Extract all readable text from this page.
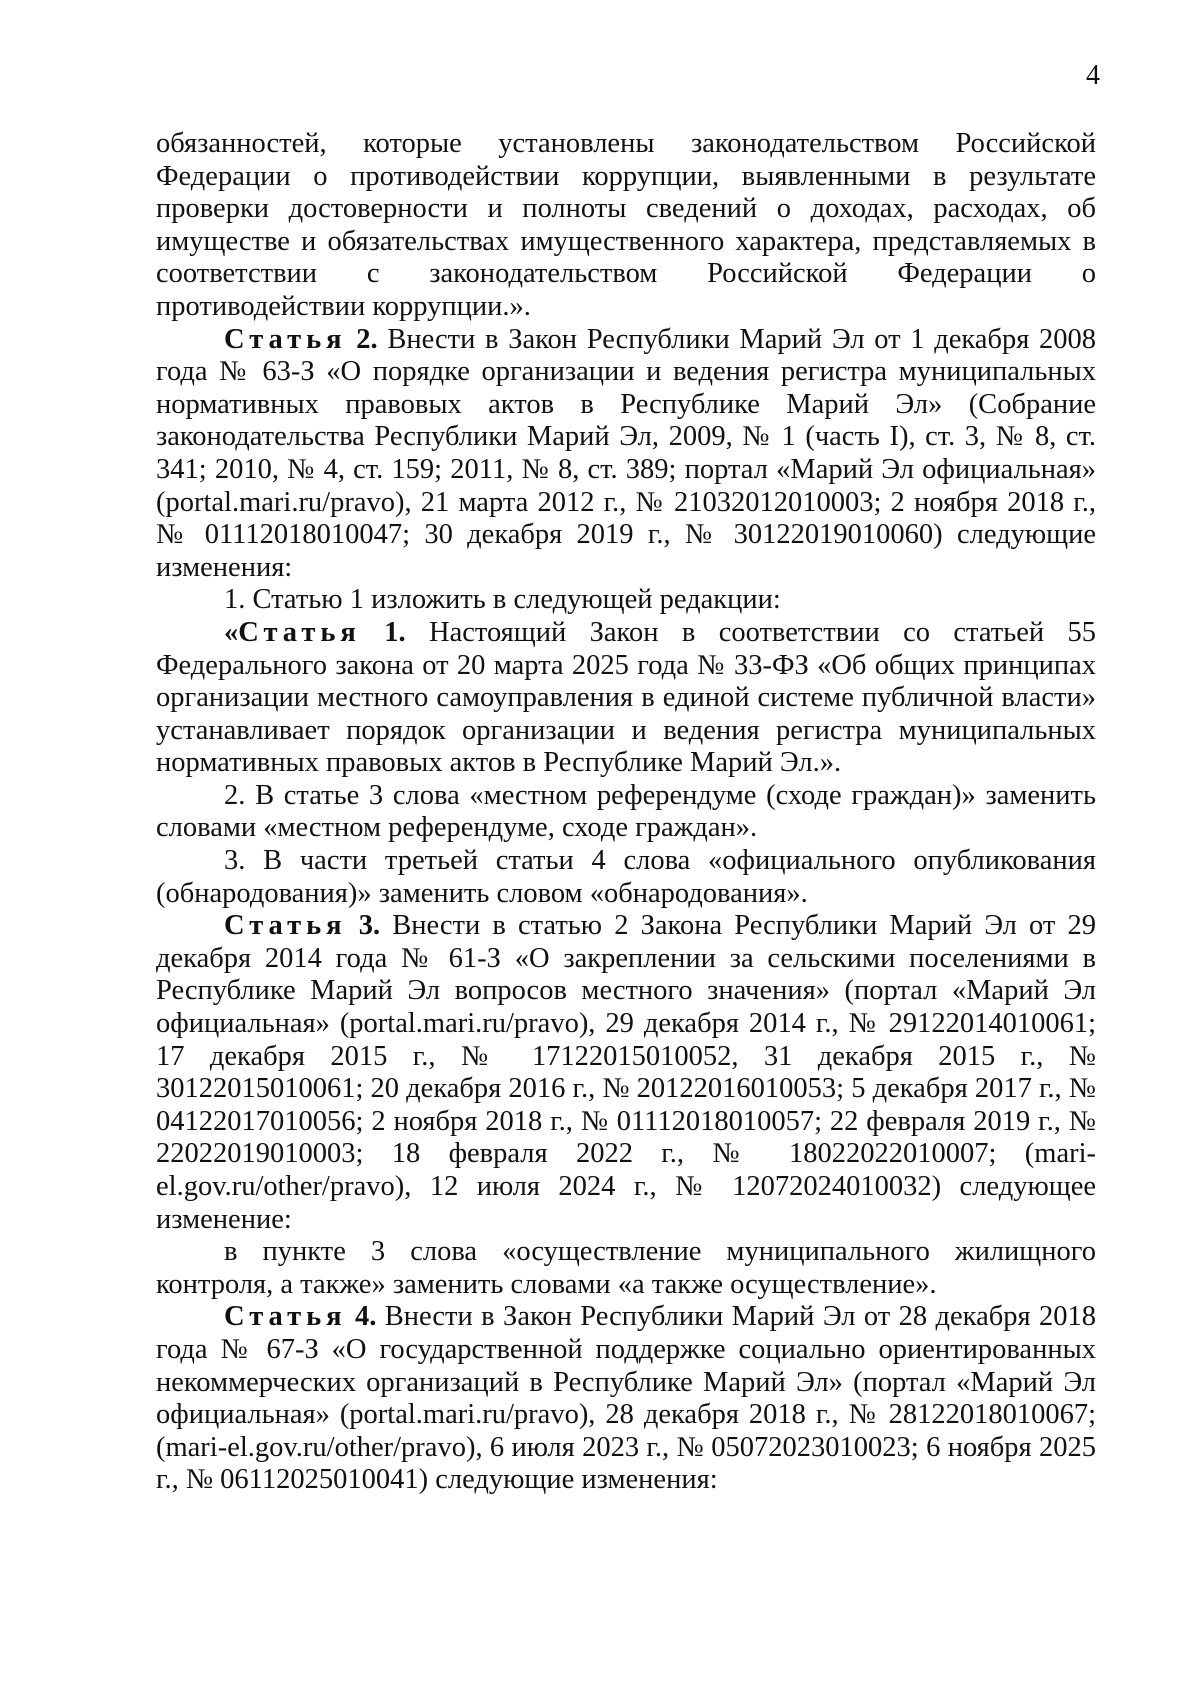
4

обязанностей, которые установлены законодательством Российской Федерации о противодействии коррупции, выявленными в результате проверки достоверности и полноты сведений о доходах, расходах, об имуществе и обязательствах имущественного характера, представляемых в соответствии с законодательством Российской Федерации о противодействии коррупции.».

Статья 2. Внести в Закон Республики Марий Эл от 1 декабря 2008 года № 63-З «О порядке организации и ведения регистра муниципальных нормативных правовых актов в Республике Марий Эл» (Собрание законодательства Республики Марий Эл, 2009, № 1 (часть I), ст. 3, № 8, ст. 341; 2010, № 4, ст. 159; 2011, № 8, ст. 389; портал «Марий Эл официальная» (portal.mari.ru/pravo), 21 марта 2012 г., № 21032012010003; 2 ноября 2018 г., № 01112018010047; 30 декабря 2019 г., № 30122019010060) следующие изменения:

1. Статью 1 изложить в следующей редакции:

«Статья 1. Настоящий Закон в соответствии со статьей 55 Федерального закона от 20 марта 2025 года № 33-ФЗ «Об общих принципах организации местного самоуправления в единой системе публичной власти» устанавливает порядок организации и ведения регистра муниципальных нормативных правовых актов в Республике Марий Эл.».

2. В статье 3 слова «местном референдуме (сходе граждан)» заменить словами «местном референдуме, сходе граждан».

3. В части третьей статьи 4 слова «официального опубликования (обнародования)» заменить словом «обнародования».

Статья 3. Внести в статью 2 Закона Республики Марий Эл от 29 декабря 2014 года № 61-З «О закреплении за сельскими поселениями в Республике Марий Эл вопросов местного значения» (портал «Марий Эл официальная» (portal.mari.ru/pravo), 29 декабря 2014 г., № 29122014010061; 17 декабря 2015 г., № 17122015010052, 31 декабря 2015 г., № 30122015010061; 20 декабря 2016 г., № 20122016010053; 5 декабря 2017 г., № 04122017010056; 2 ноября 2018 г., № 01112018010057; 22 февраля 2019 г., № 22022019010003; 18 февраля 2022 г., № 18022022010007; (mari-el.gov.ru/other/pravo), 12 июля 2024 г., № 12072024010032) следующее изменение:

в пункте 3 слова «осуществление муниципального жилищного контроля, а также» заменить словами «а также осуществление».

Статья 4. Внести в Закон Республики Марий Эл от 28 декабря 2018 года № 67-З «О государственной поддержке социально ориентированных некоммерческих организаций в Республике Марий Эл» (портал «Марий Эл официальная» (portal.mari.ru/pravo), 28 декабря 2018 г., № 28122018010067; (mari-el.gov.ru/other/pravo), 6 июля 2023 г., № 05072023010023; 6 ноября 2025 г., № 06112025010041) следующие изменения:
